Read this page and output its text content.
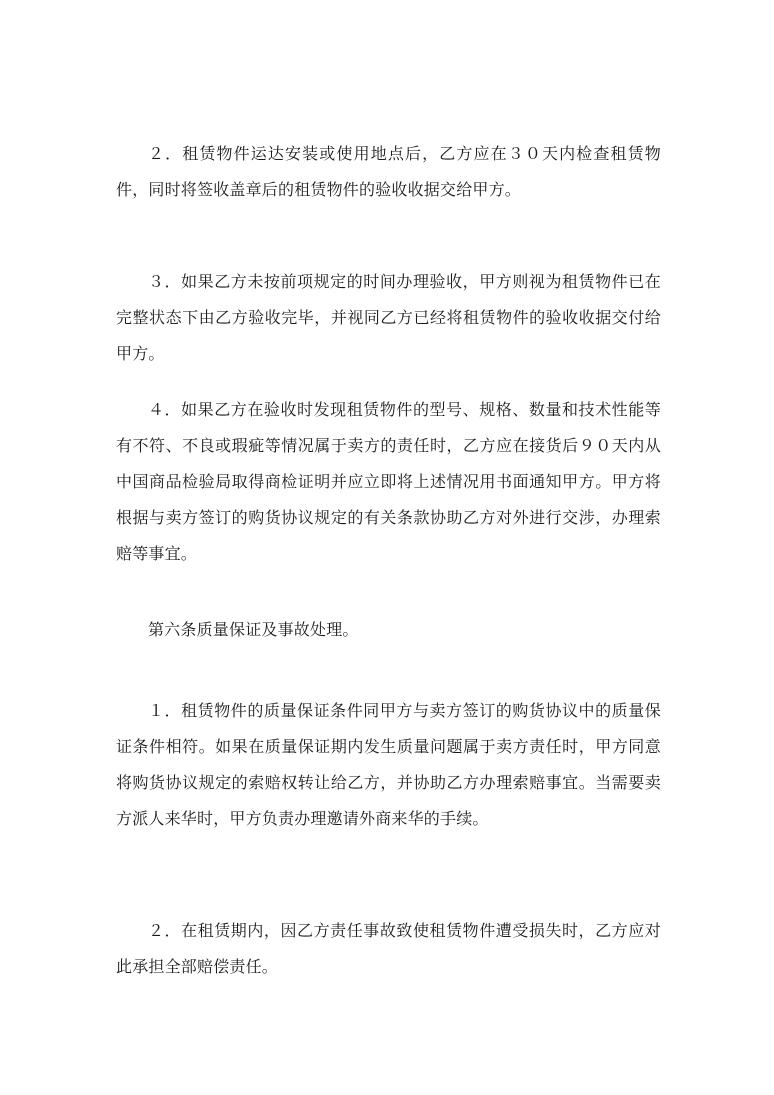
２．租赁物件运达安装或使用地点后，乙方应在３０天内检查租赁物件，同时将签收盖章后的租赁物件的验收收据交给甲方。

３．如果乙方未按前项规定的时间办理验收，甲方则视为租赁物件已在完整状态下由乙方验收完毕，并视同乙方已经将租赁物件的验收收据交付给甲方。

４．如果乙方在验收时发现租赁物件的型号、规格、数量和技术性能等有不符、不良或瑕疵等情况属于卖方的责任时，乙方应在接货后９０天内从中国商品检验局取得商检证明并应立即将上述情况用书面通知甲方。甲方将根据与卖方签订的购货协议规定的有关条款协助乙方对外进行交涉，办理索赔等事宜。

第六条质量保证及事故处理。

１．租赁物件的质量保证条件同甲方与卖方签订的购货协议中的质量保证条件相符。如果在质量保证期内发生质量问题属于卖方责任时，甲方同意将购货协议规定的索赔权转让给乙方，并协助乙方办理索赔事宜。当需要卖方派人来华时，甲方负责办理邀请外商来华的手续。

２．在租赁期内，因乙方责任事故致使租赁物件遭受损失时，乙方应对此承担全部赔偿责任。
